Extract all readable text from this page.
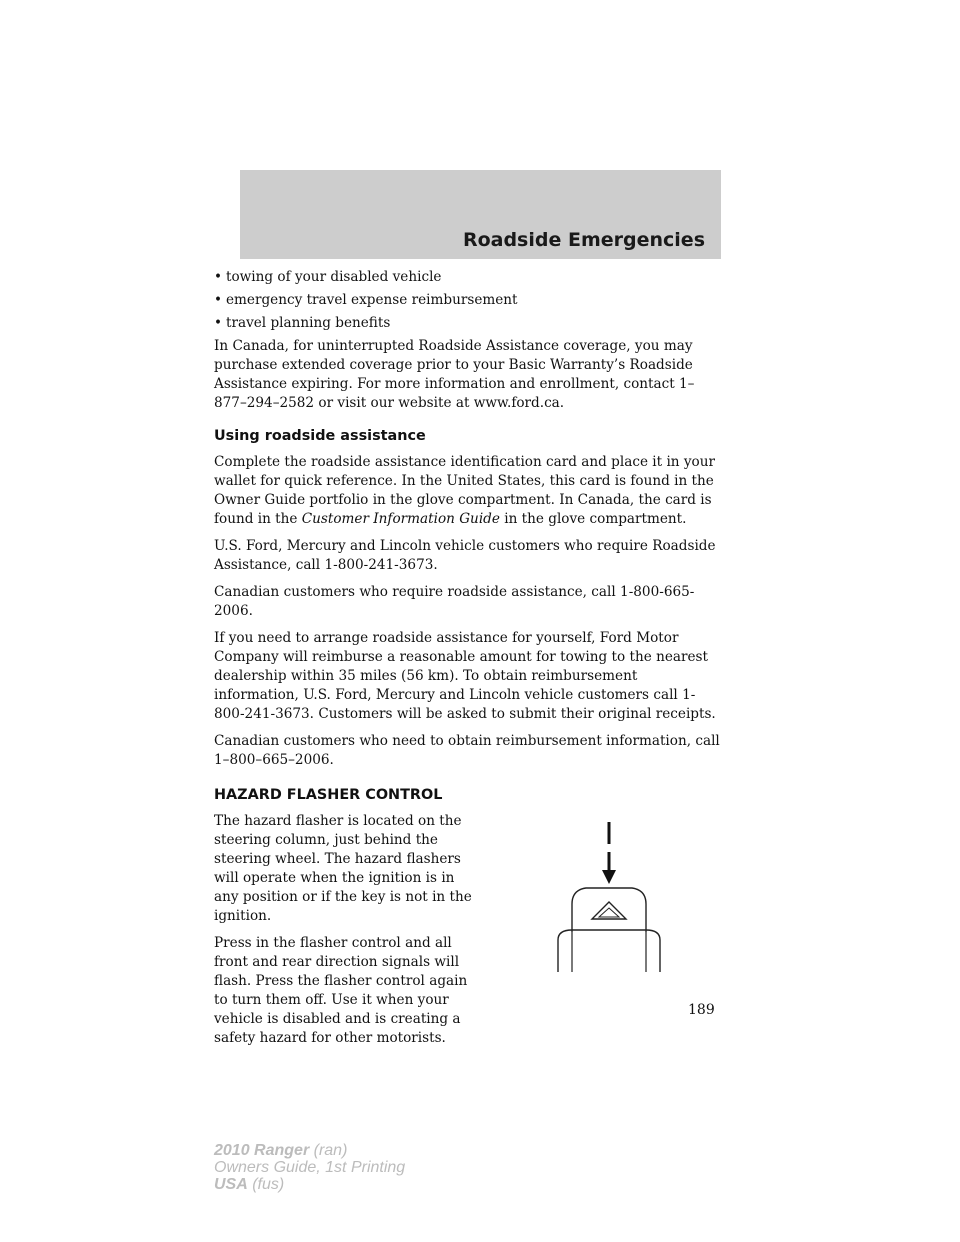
Roadside Emergencies
• towing of your disabled vehicle
• emergency travel expense reimbursement
• travel planning benefits

In Canada, for uninterrupted Roadside Assistance coverage, you may purchase extended coverage prior to your Basic Warranty’s Roadside Assistance expiring. For more information and enrollment, contact 1–877–294–2582 or visit our website at www.ford.ca.

Using roadside assistance

Complete the roadside assistance identification card and place it in your wallet for quick reference. In the United States, this card is found in the Owner Guide portfolio in the glove compartment. In Canada, the card is found in the Customer Information Guide in the glove compartment.

U.S. Ford, Mercury and Lincoln vehicle customers who require Roadside Assistance, call 1-800-241-3673.

Canadian customers who require roadside assistance, call 1-800-665-2006.

If you need to arrange roadside assistance for yourself, Ford Motor Company will reimburse a reasonable amount for towing to the nearest dealership within 35 miles (56 km). To obtain reimbursement information, U.S. Ford, Mercury and Lincoln vehicle customers call 1-800-241-3673. Customers will be asked to submit their original receipts.

Canadian customers who need to obtain reimbursement information, call 1–800–665–2006.

HAZARD FLASHER CONTROL

The hazard flasher is located on the steering column, just behind the steering wheel. The hazard flashers will operate when the ignition is in any position or if the key is not in the ignition.

Press in the flasher control and all front and rear direction signals will flash. Press the flasher control again to turn them off. Use it when your vehicle is disabled and is creating a safety hazard for other motorists.

189
2010 Ranger (ran)
Owners Guide, 1st Printing
USA (fus)
